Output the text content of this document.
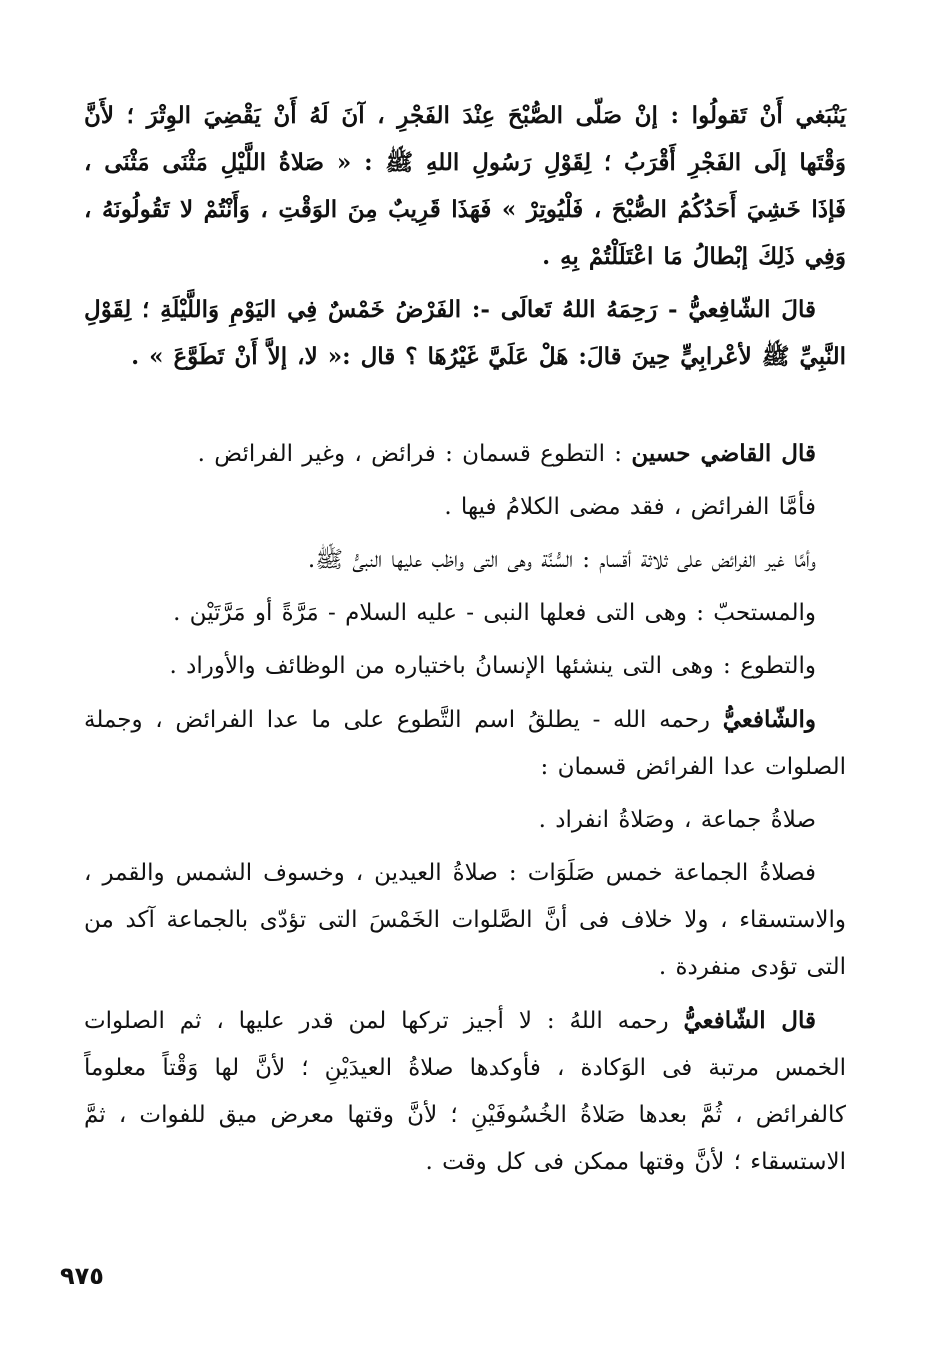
يَنْبَغي أَنْ تَقولُوا : إنْ صَلّى الصُّبْحَ عِنْدَ الفَجْرِ ، آنَ لَهُ أَنْ يَقْضِيَ الوِتْرَ ؛ لأَنَّ وَقْتَها إلَى الفَجْرِ أَقْرَبُ ؛ لِقَوْلِ رَسُولِ اللهِ ﷺ : « صَلاةُ اللَّيْلِ مَثْنَى مَثْنَى ، فَإذَا خَشِيَ أَحَدُكُمُ الصُّبْحَ ، فَلْيُوتِرْ » فَهَذَا قَرِيبٌ مِنَ الوَقْتِ ، وَأَنْتُمْ لا تَقُولُونَهُ ، وَفِي ذَلِكَ إبْطالُ مَا اعْتَلَلْتُمْ بِهِ .

قالَ الشّافِعيُّ - رَحِمَهُ اللهُ تَعالَى -: الفَرْضُ خَمْسٌ فِي اليَوْمِ وَاللَّيْلَةِ ؛ لِقَوْلِ النَّبِيِّ ﷺ لأعْرابِيٍّ حِينَ قالَ: هَلْ عَلَيَّ غَيْرُهَا ؟ قال :« لا، إلاَّ أَنْ تَطَوَّعَ » .

قال القاضي حسين : التطوع قسمان : فرائض ، وغير الفرائض .

فأمَّا الفرائض ، فقد مضى الكلامُ فيها .

وأمَّا غير الفرائض على ثلاثة أقسام : السُّنَّة وهى التى واظب عليها النبىُّ ﷺ.

والمستحبّ : وهى التى فعلها النبى - عليه السلام - مَرَّةً أو مَرَّتَيْن .

والتطوع : وهى التى ينشئها الإنسانُ باختياره من الوظائف والأوراد .

والشّافعيُّ رحمه الله - يطلقُ اسم التَّطوع على ما عدا الفرائض ، وجملة الصلوات عدا الفرائض قسمان :

صلاةُ جماعة ، وصَلاةُ انفراد .

فصلاةُ الجماعة خمس صَلَوَات : صلاةُ العيدين ، وخسوف الشمس والقمر ، والاستسقاء ، ولا خلاف فى أنَّ الصَّلوات الخَمْسَ التى تؤدّى بالجماعة آكد من التى تؤدى منفردة .

قال الشّافعيُّ رحمه اللهُ : لا أجيز تركها لمن قدر عليها ، ثم الصلوات الخمس مرتبة فى الوَكادة ، فأوكدها صلاةُ العيدَيْنِ ؛ لأنَّ لها وَقْتاً معلوماً كالفرائض ، ثُمَّ بعدها صَلاةُ الخُسُوفَيْنِ ؛ لأنَّ وقتها معرض ميق للفوات ، ثمَّ الاستسقاء ؛ لأنَّ وقتها ممكن فى كل وقت .

٩٧٥
